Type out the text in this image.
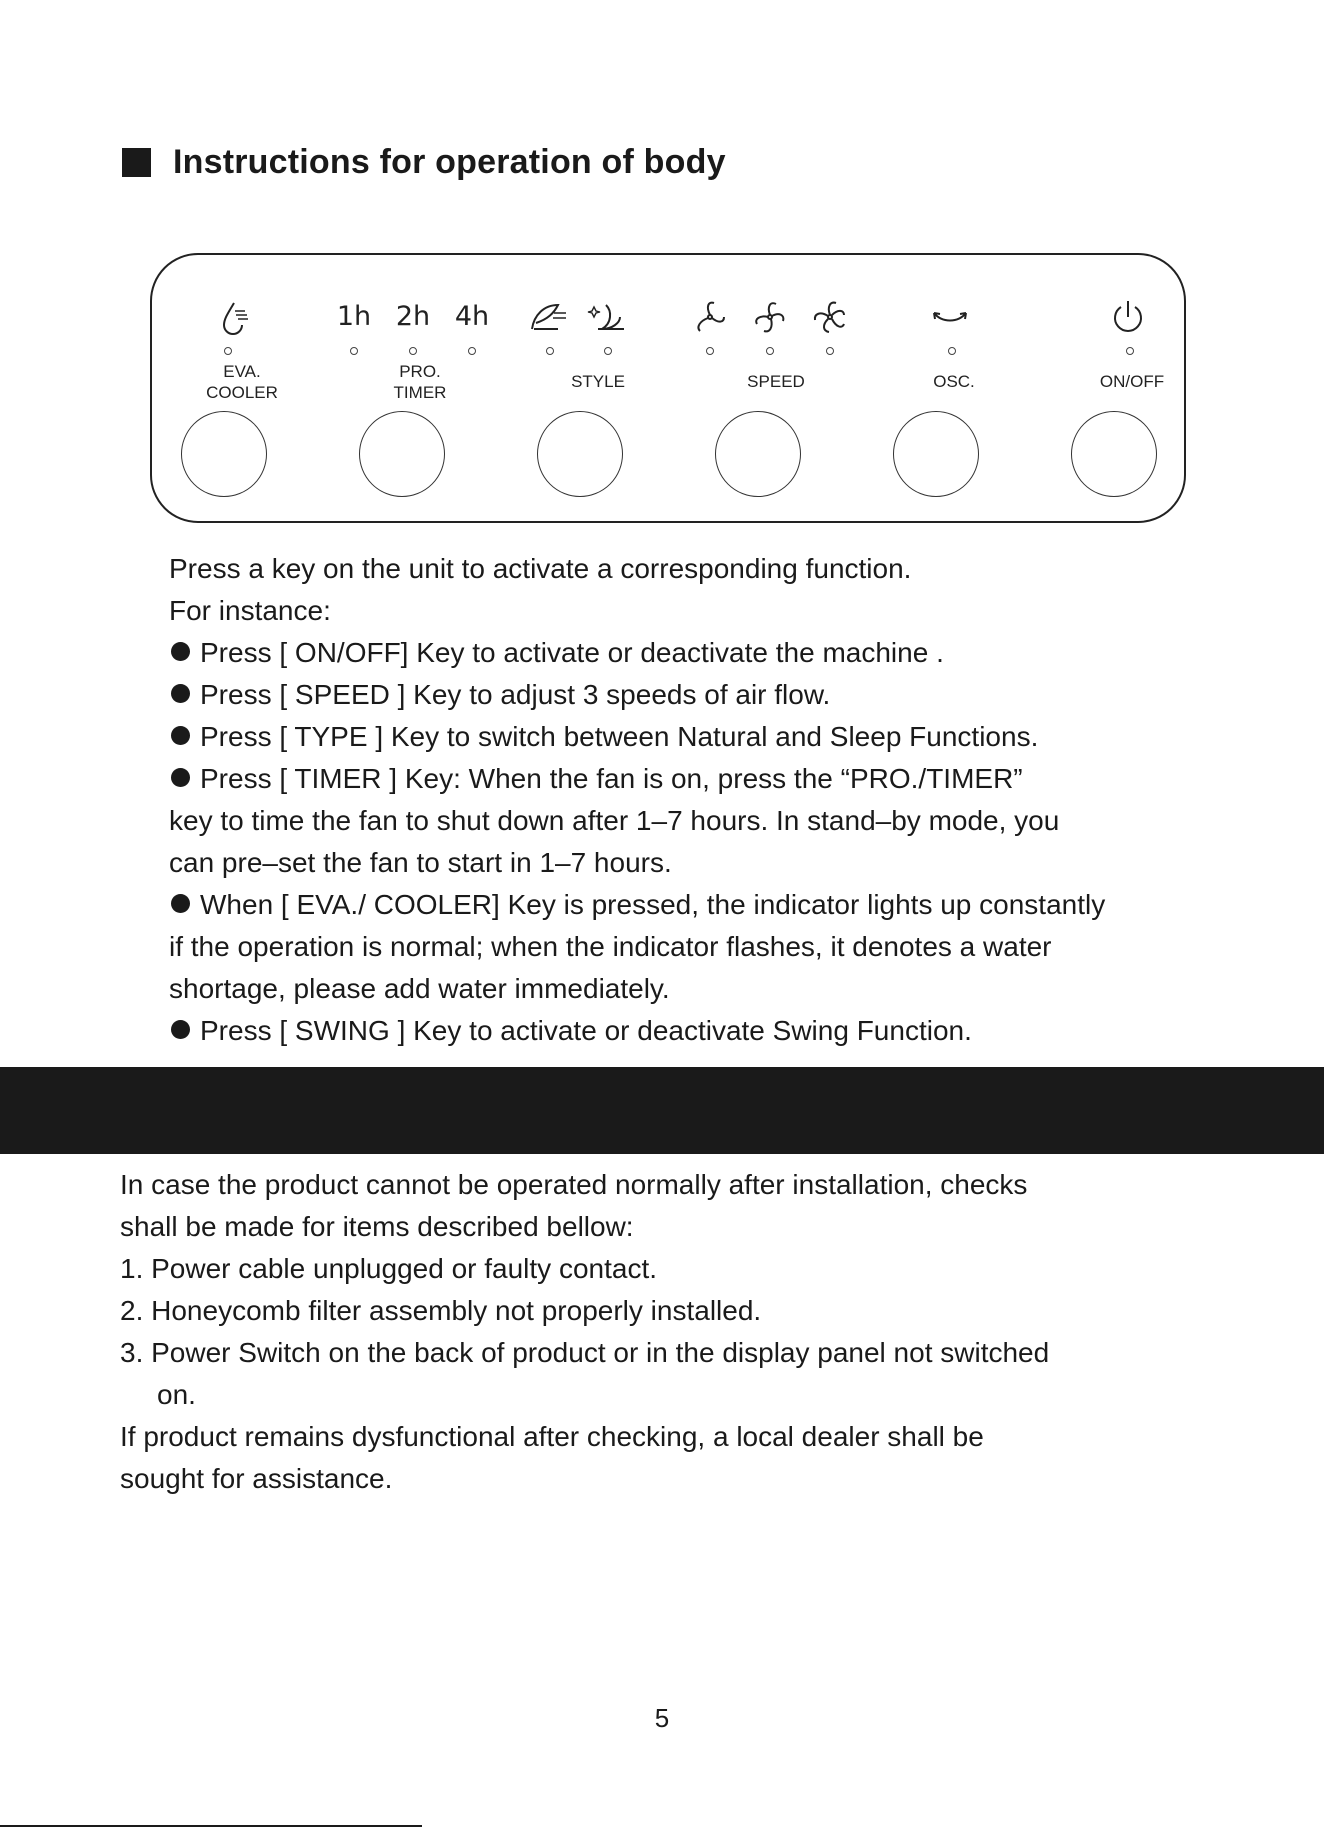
Instructions for operation of body
EVA.
COOLER
1h 2h 4h
PRO.
TIMER
STYLE	SPEED	OSC.	ON/OFF

Press a key on the unit to activate a corresponding function.

For instance:

Press [ ON/OFF] Key to activate or deactivate the machine .

Press [ SPEED ] Key to adjust 3 speeds of air flow.

Press [ TYPE ] Key to switch between Natural and Sleep Functions.

Press [ TIMER ] Key: When the fan is on, press the “PRO./TIMER”

key to time the fan to shut down after 1–7 hours. In stand–by mode, you

can pre–set the fan to start in 1–7 hours.

When [ EVA./ COOLER] Key is pressed, the indicator lights up constantly

if the operation is normal; when the indicator flashes, it denotes a water

shortage, please add water immediately.

Press [ SWING ] Key to activate or deactivate Swing Function.

In case the product cannot be operated normally after installation, checks

shall be made for items described bellow:

1. Power cable unplugged or faulty contact.

2. Honeycomb filter assembly not properly installed.

3. Power Switch on the back of product or in the display panel not switched

on.

If product remains dysfunctional after checking, a local dealer shall be

sought for assistance.

5
